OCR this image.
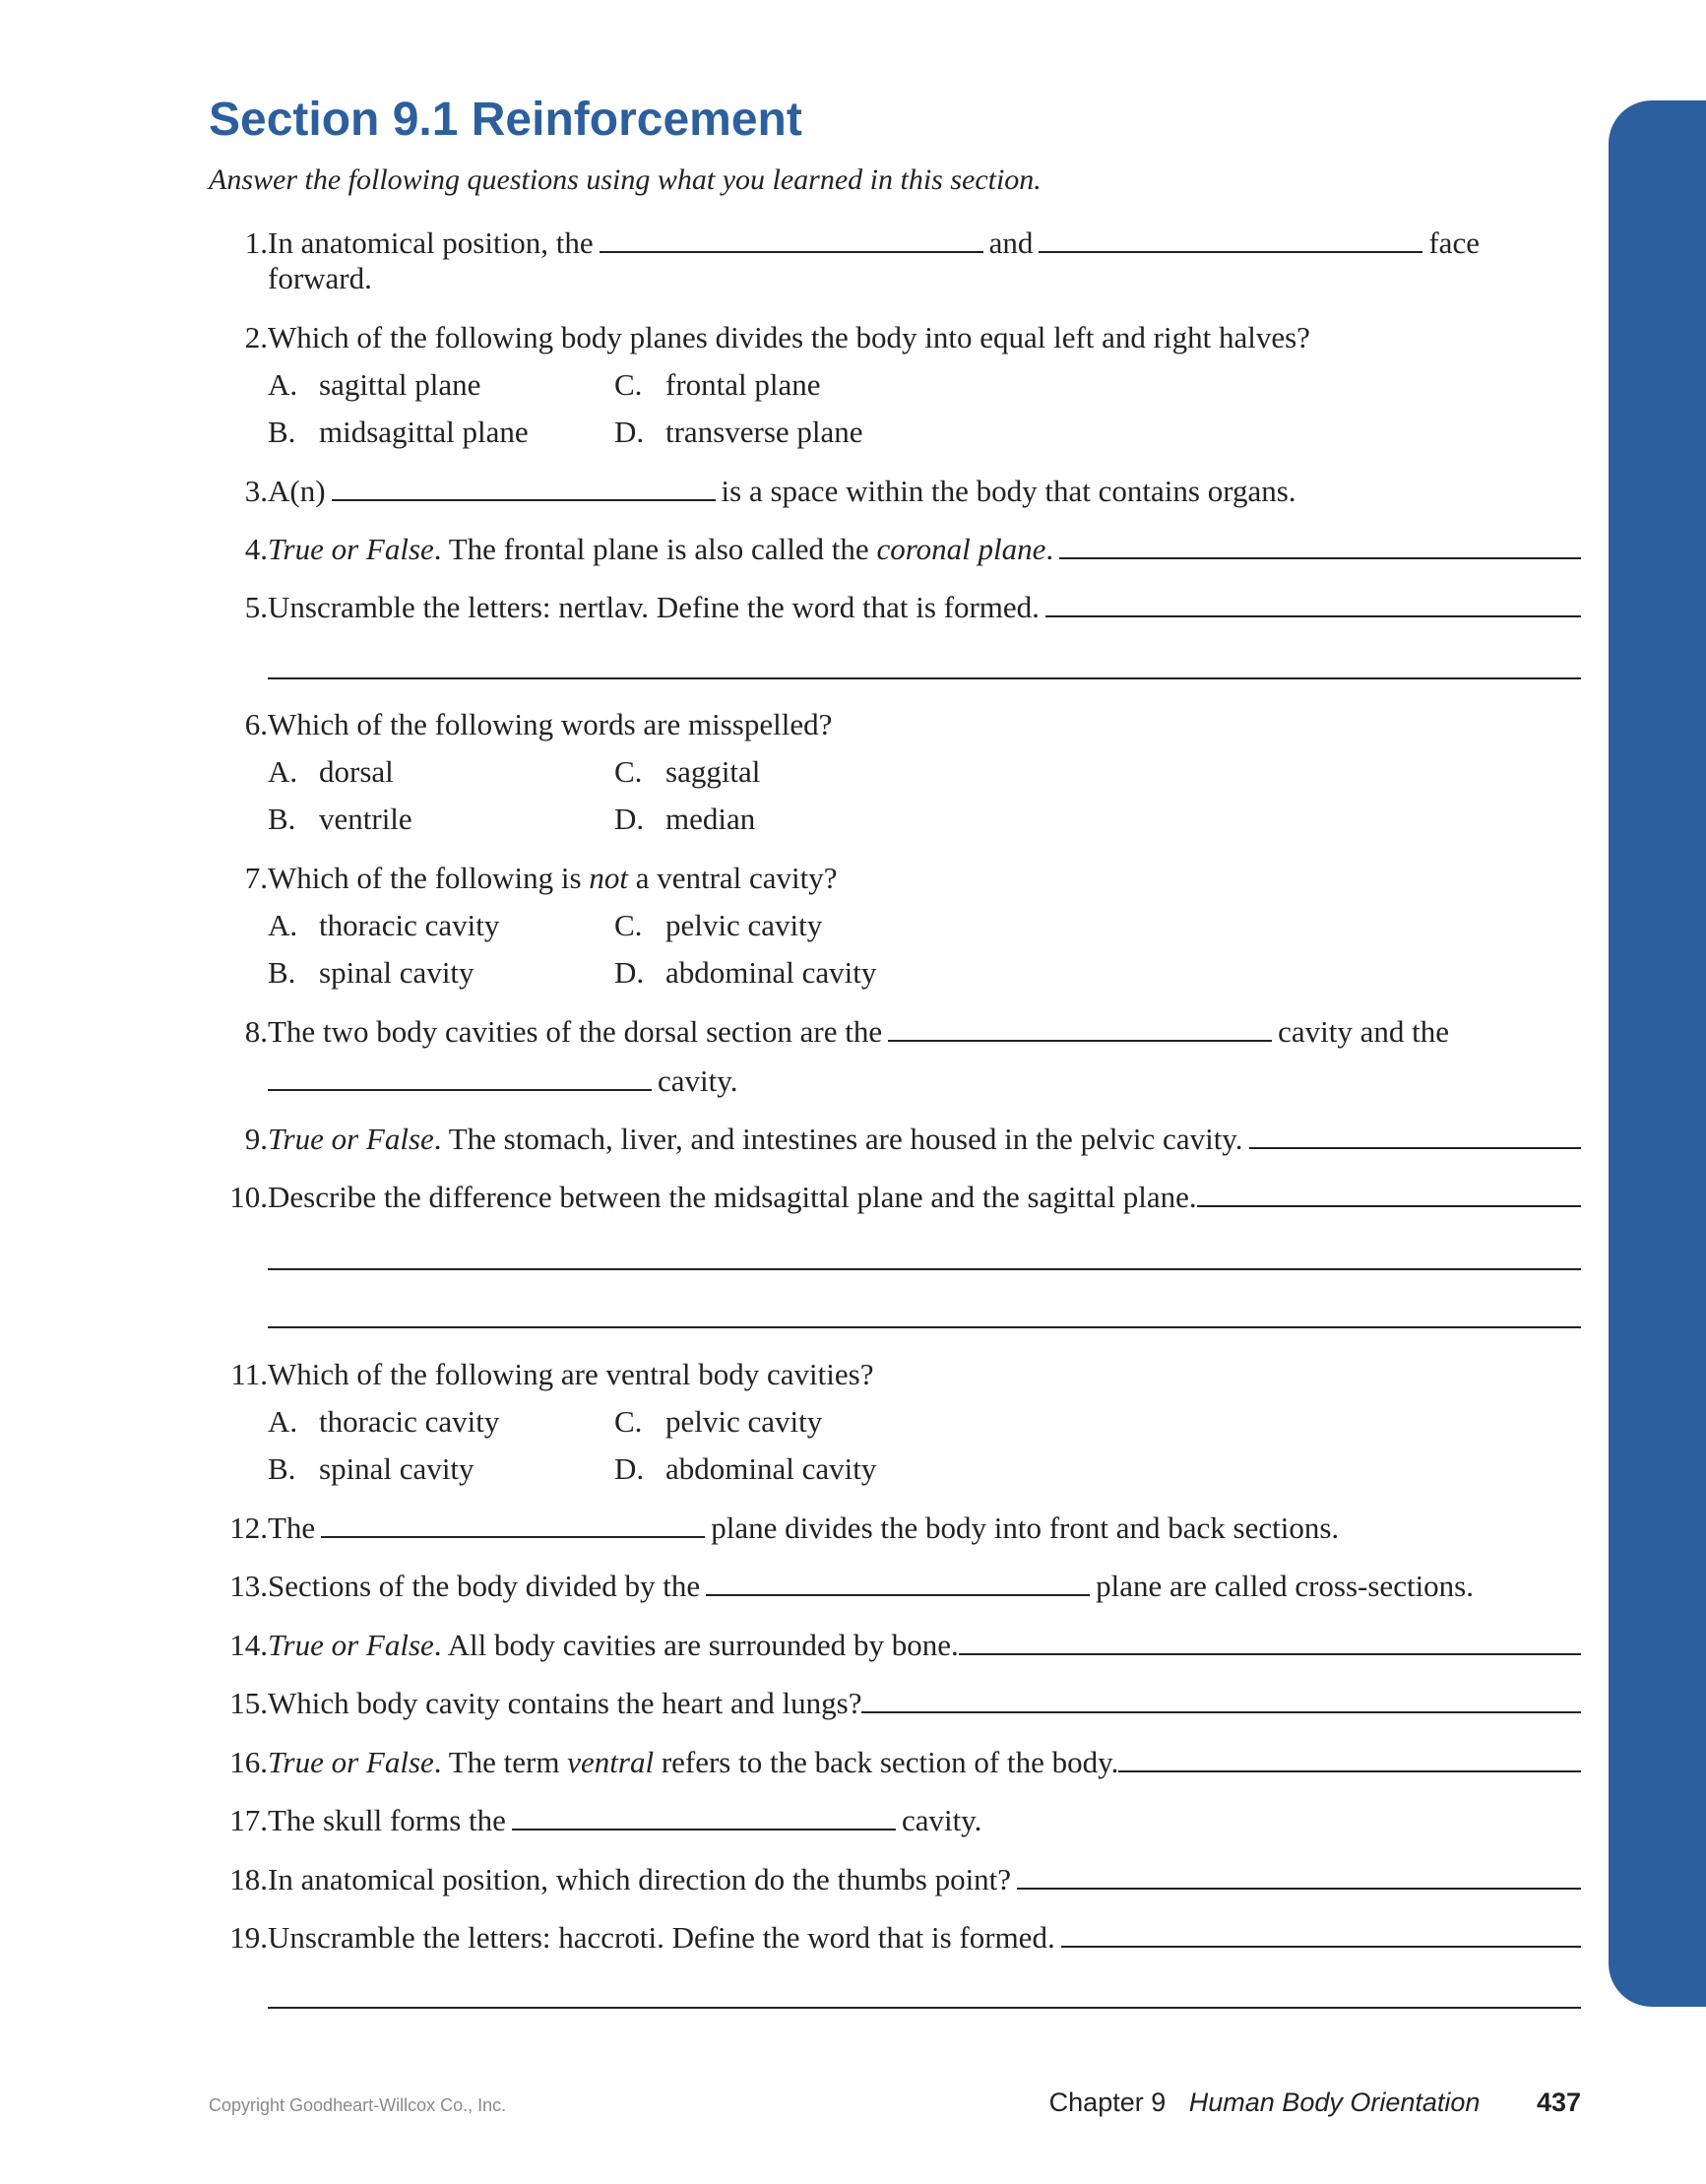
Section 9.1 Reinforcement
Answer the following questions using what you learned in this section.
1. In anatomical position, the	and	face
forward.
2. Which of the following body planes divides the body into equal left and right halves?
A. sagittal plane	C. frontal plane
B. midsagittal plane	D. transverse plane
3. A(n)	is a space within the body that contains organs.
4. True or False . The frontal plane is also called the coronal plane .
5. Unscramble the letters: nertlav. Define the word that is formed.
6. Which of the following words are misspelled?
A. dorsal	C. saggital
B. ventrile	D. median
7. Which of the following is not a ventral cavity?
A. thoracic cavity	C. pelvic cavity
B. spinal cavity	D. abdominal cavity
8. The two body cavities of the dorsal section are the	cavity and the
cavity.
9. True or False . The stomach, liver, and intestines are housed in the pelvic cavity.
10. Describe the difference between the midsagittal plane and the sagittal plane.
11. Which of the following are ventral body cavities?
A. thoracic cavity	C. pelvic cavity
B. spinal cavity	D. abdominal cavity
12. The	plane divides the body into front and back sections.
13. Sections of the body divided by the	plane are called cross-sections.
14. True or False . All body cavities are surrounded by bone.
15. Which body cavity contains the heart and lungs?
16. True or False . The term ventral refers to the back section of the body.
17. The skull forms the	cavity.
18. In anatomical position, which direction do the thumbs point?
19. Unscramble the letters: haccroti. Define the word that is formed.
Copyright Goodheart-Willcox Co., Inc.	Chapter 9 Human Body Orientation 437
